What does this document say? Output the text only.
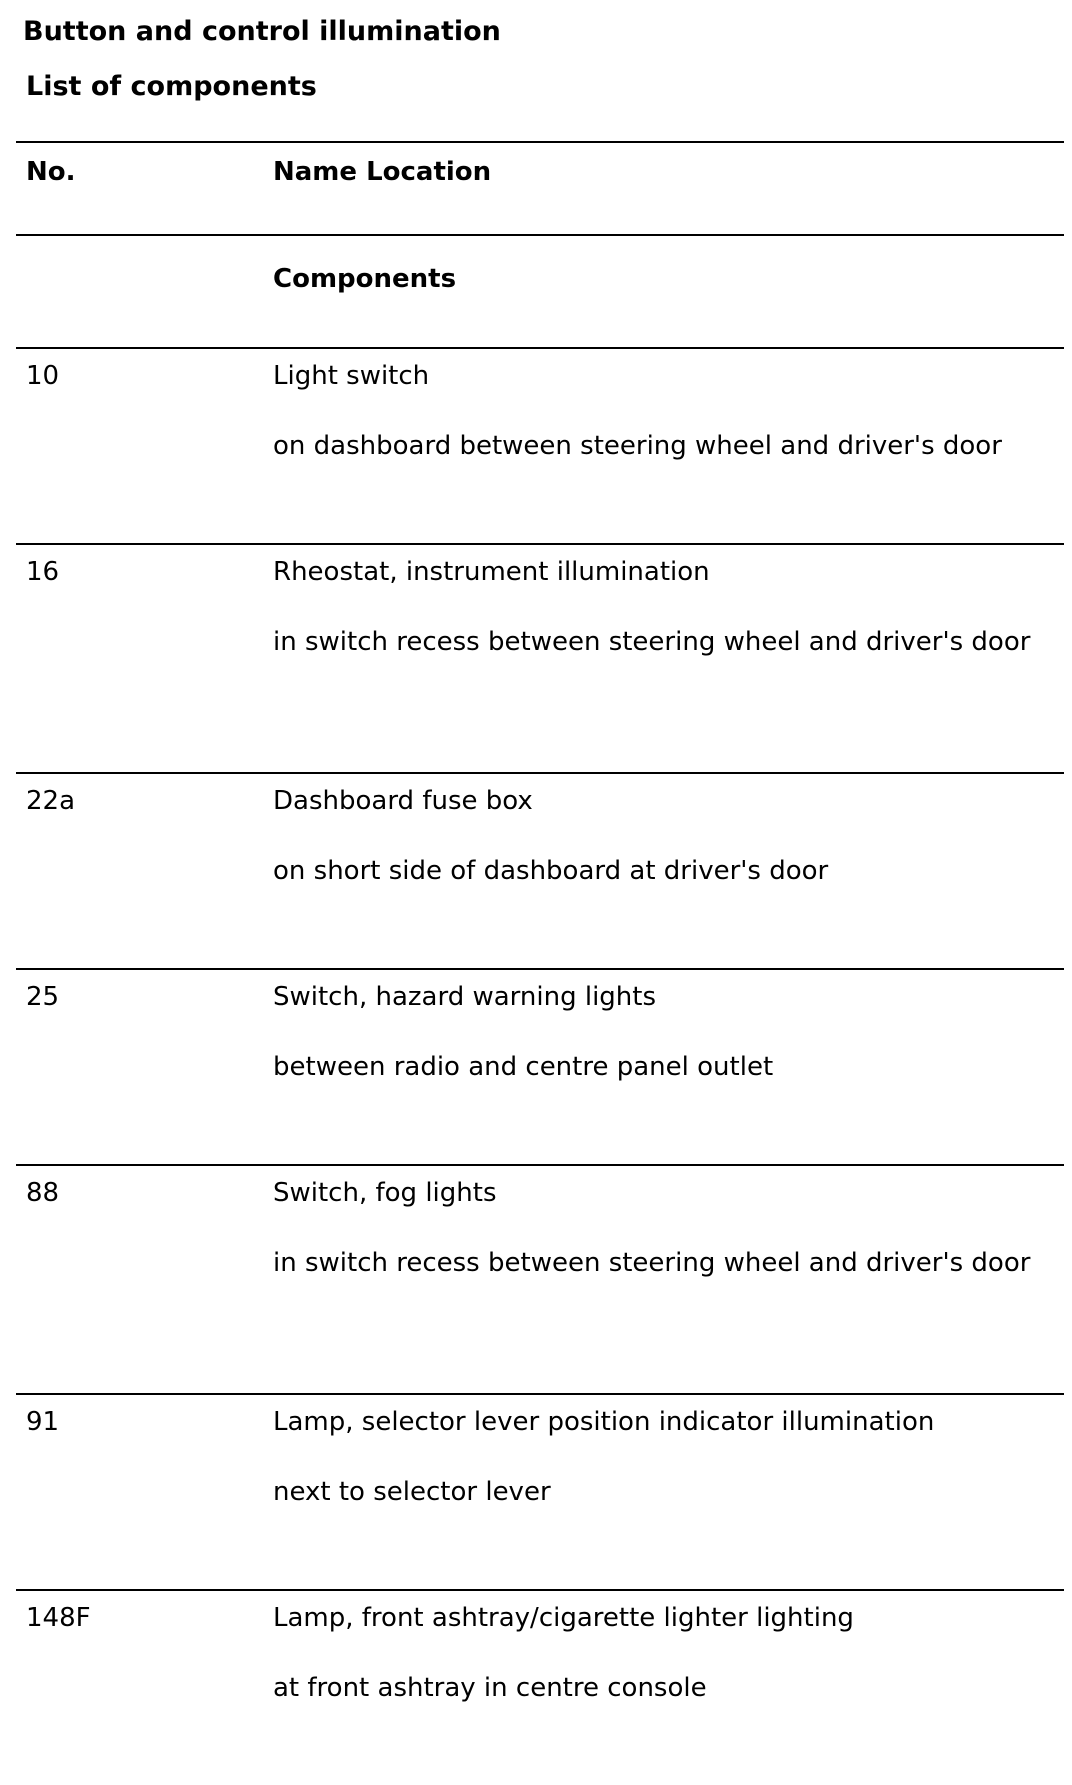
Button and control illumination
List of components
No.	Name Location
Components
10	Light switch
on dashboard between steering wheel and driver's door
16	Rheostat, instrument illumination
in switch recess between steering wheel and driver's door
22a	Dashboard fuse box
on short side of dashboard at driver's door
25	Switch, hazard warning lights
between radio and centre panel outlet
88	Switch, fog lights
in switch recess between steering wheel and driver's door
91	Lamp, selector lever position indicator illumination
next to selector lever
148F	Lamp, front ashtray/cigarette lighter lighting
at front ashtray in centre console
